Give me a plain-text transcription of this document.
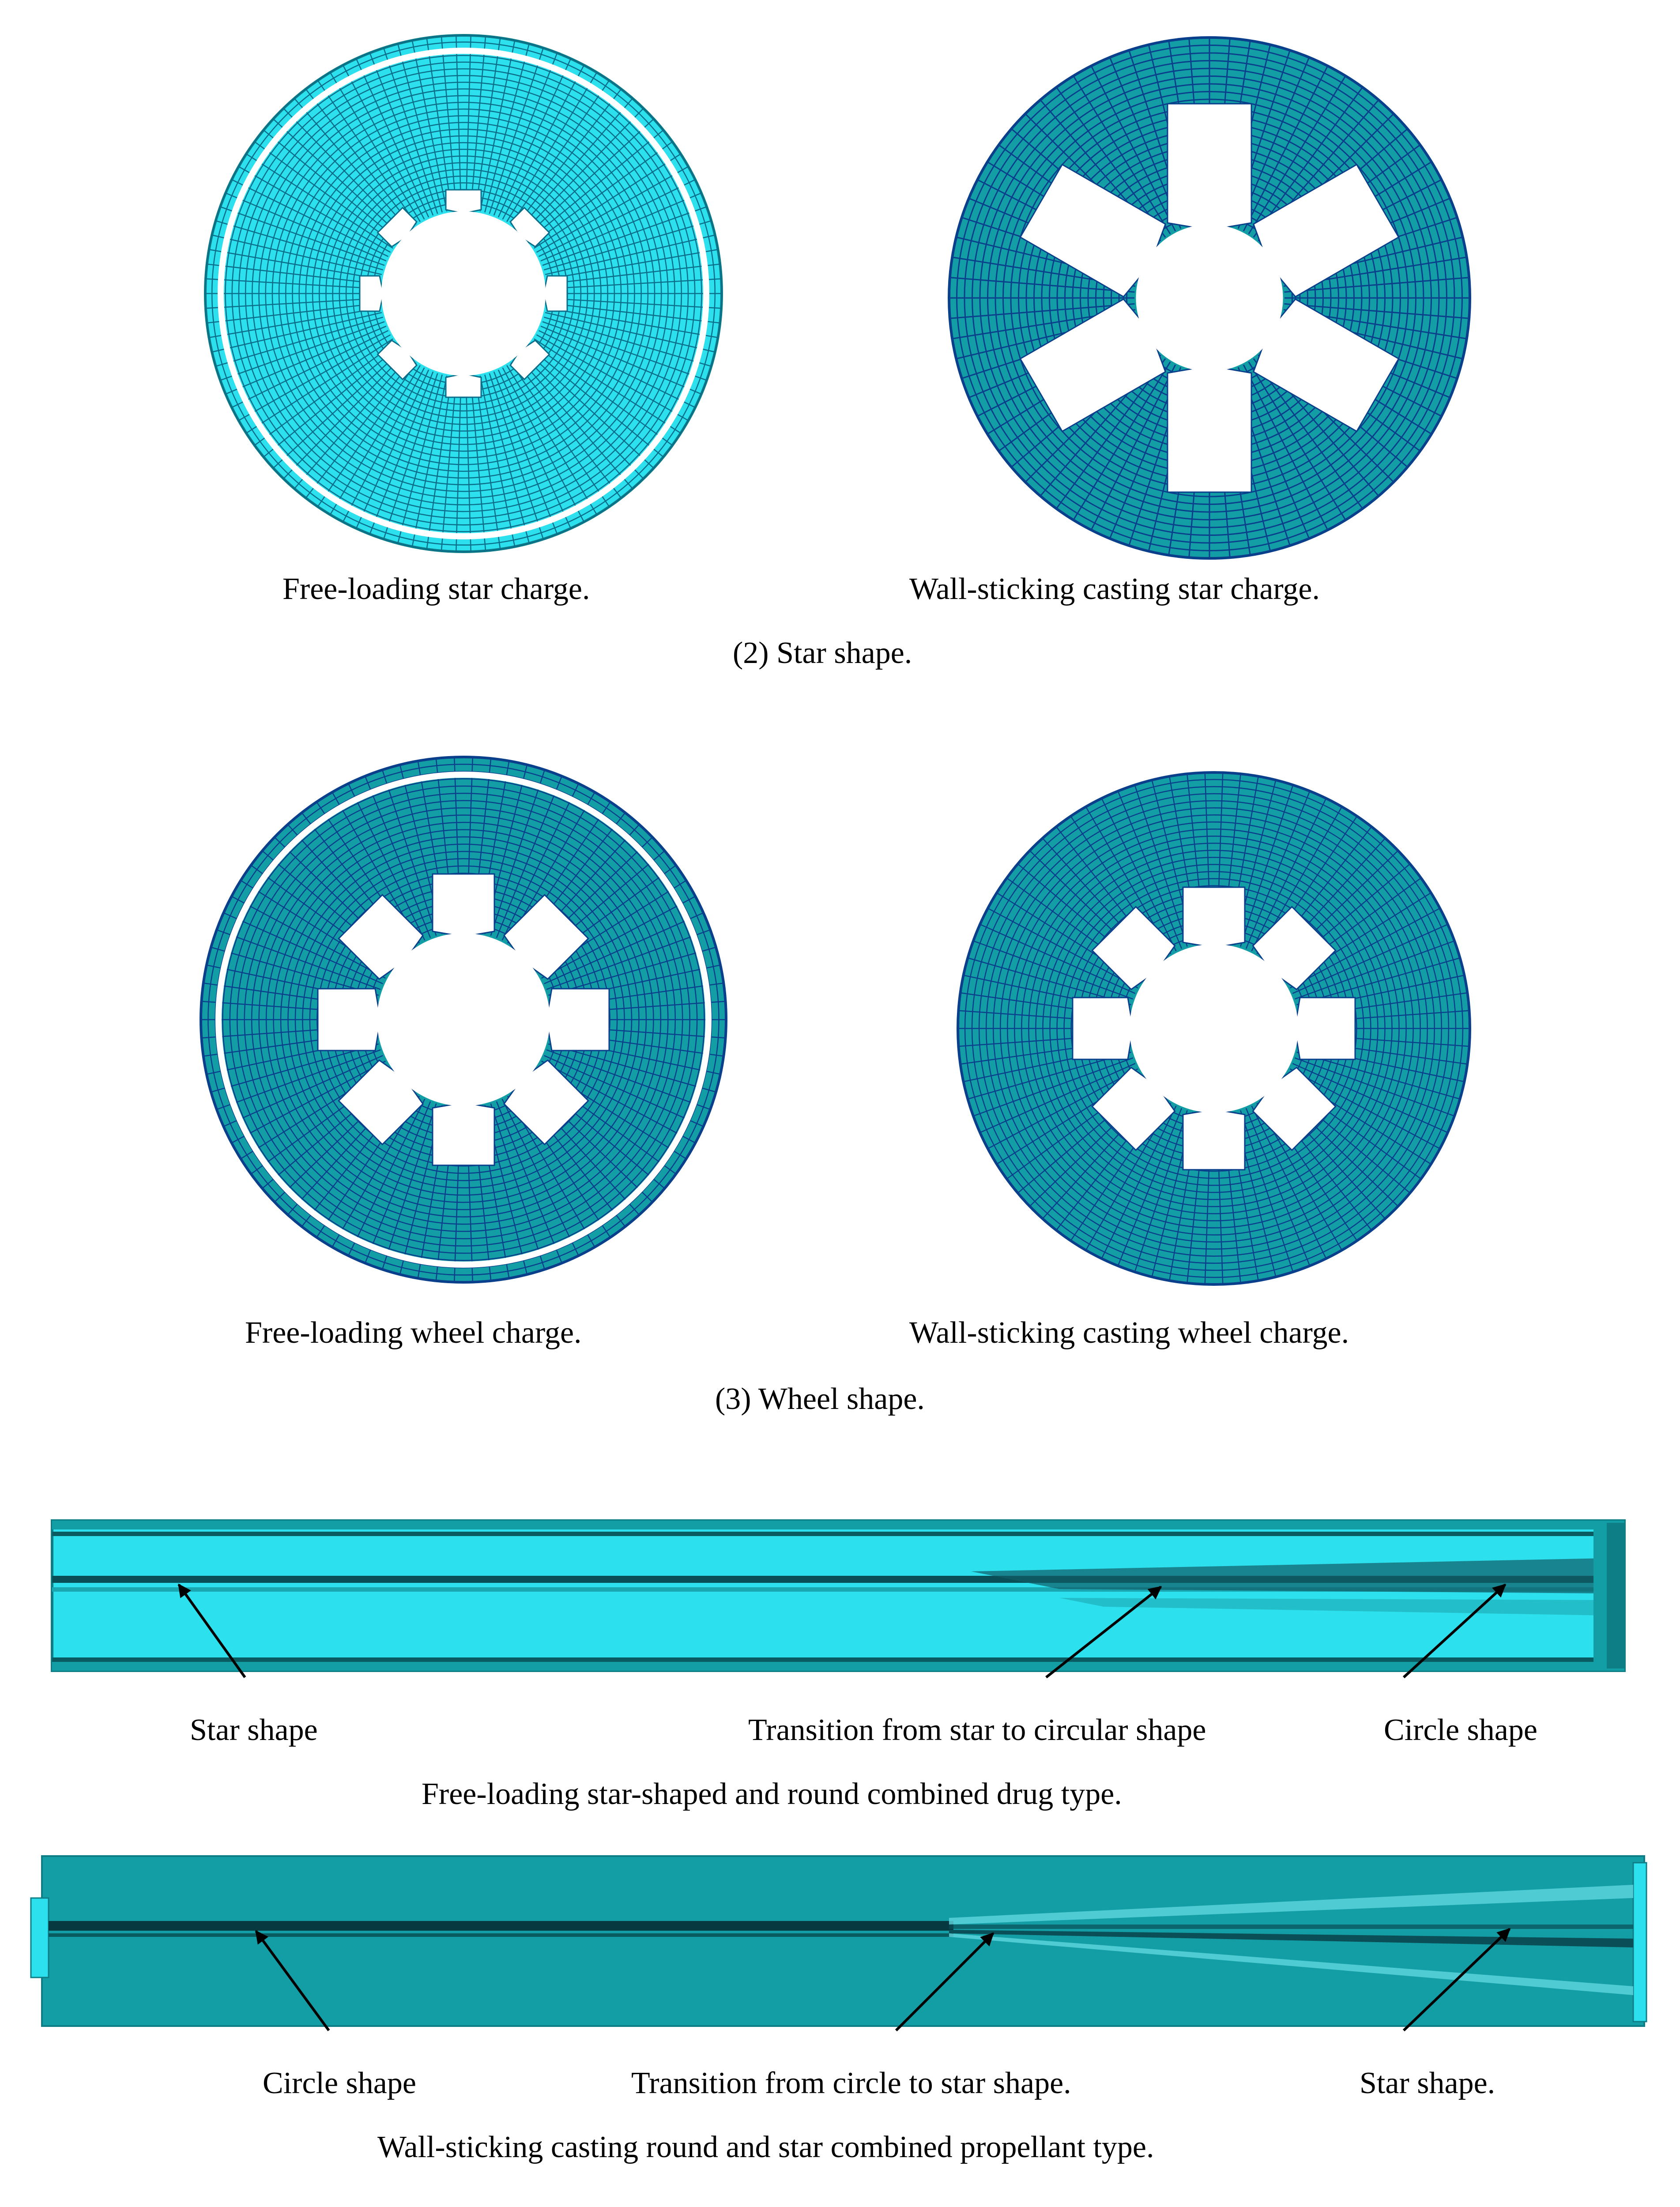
Free-loading star charge.	Wall-sticking casting star charge.
(2) Star shape.
Free-loading wheel charge.	Wall-sticking casting wheel charge.
(3) Wheel shape.
Star shape	Transition from star to circular shape	Circle shape
Free-loading star-shaped and round combined drug type.
Circle shape	Transition from circle to star shape.	Star shape.
Wall-sticking casting round and star combined propellant type.
